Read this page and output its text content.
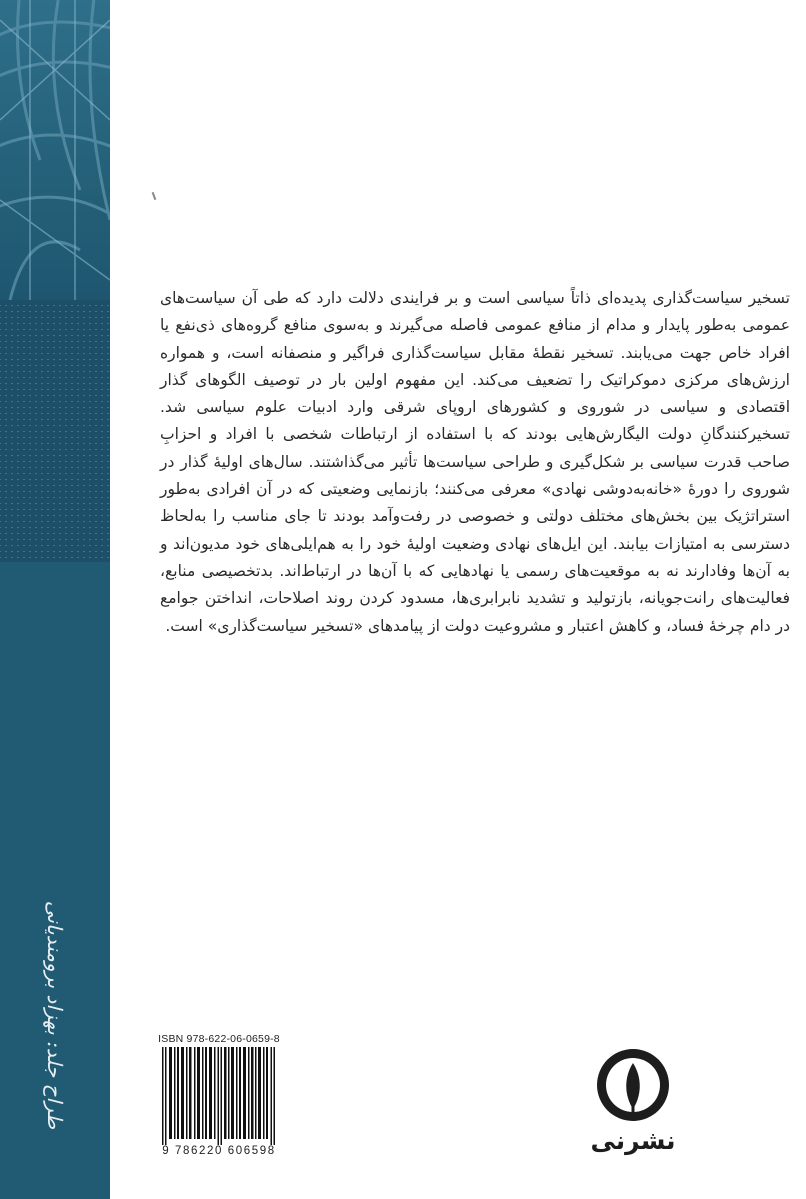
طراح جلد: بهزاد برومندیانی
تسخیر سیاست‌گذاری پدیده‌ای ذاتاً سیاسی است و بر فرایندی دلالت دارد که طی آن سیاست‌های عمومی به‌طور پایدار و مدام از منافع عمومی فاصله می‌گیرند و به‌سوی منافع گروه‌های ذی‌نفع یا افراد خاص جهت می‌یابند. تسخیر نقطهٔ مقابل سیاست‌گذاری فراگیر و منصفانه است، و همواره ارزش‌های مرکزی دموکراتیک را تضعیف می‌کند. این مفهوم اولین بار در توصیف الگوهای گذار اقتصادی و سیاسی در شوروی و کشورهای اروپای شرقی وارد ادبیات علوم سیاسی شد. تسخیرکنندگانِ دولت الیگارش‌هایی بودند که با استفاده از ارتباطات شخصی با افراد و احزابِ صاحب قدرت سیاسی بر شکل‌گیری و طراحی سیاست‌ها تأثیر می‌گذاشتند. سال‌های اولیهٔ گذار در شوروی را دورهٔ «خانه‌به‌دوشی نهادی» معرفی می‌کنند؛ بازنمایی وضعیتی که در آن افرادی به‌طور استراتژیک بین بخش‌های مختلف دولتی و خصوصی در رفت‌وآمد بودند تا جای مناسب را به‌لحاظ دسترسی به امتیازات بیابند. این ایل‌های نهادی وضعیت اولیهٔ خود را به هم‌ایلی‌های خود مدیون‌اند و به آن‌ها وفادارند نه به موقعیت‌های رسمی یا نهادهایی که با آن‌ها در ارتباط‌اند. بدتخصیصی منابع، فعالیت‌های رانت‌جویانه، بازتولید و تشدید نابرابری‌ها، مسدود کردن روند اصلاحات، انداختن جوامع در دام چرخهٔ فساد، و کاهش اعتبار و مشروعیت دولت از پیامدهای «تسخیر سیاست‌گذاری» است.
ISBN 978-622-06-0659-8
9 786220 606598	نشرنی
